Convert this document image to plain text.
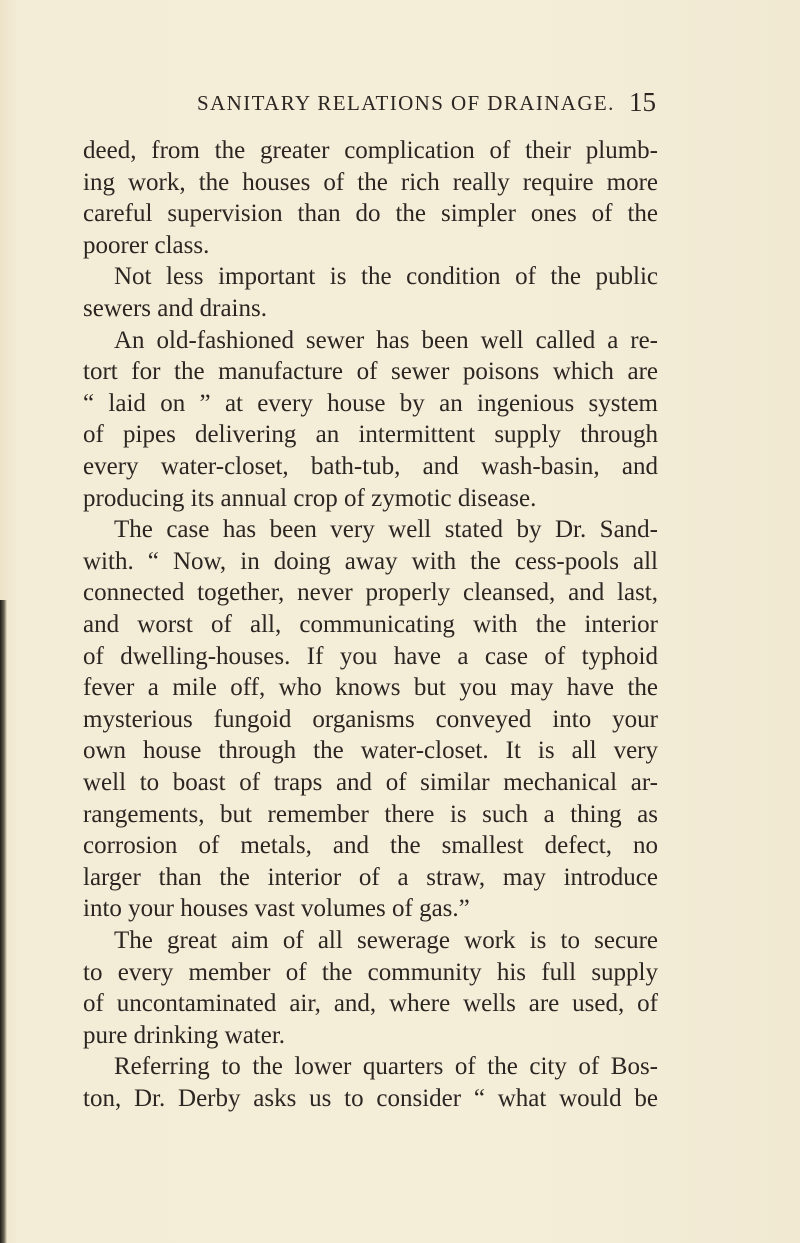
SANITARY RELATIONS OF DRAINAGE. 15
deed, from the greater complication of their plumb-
ing work, the houses of the rich really require more
careful supervision than do the simpler ones of the
poorer class.
Not less important is the condition of the public
sewers and drains.
An old-fashioned sewer has been well called a re-
tort for the manufacture of sewer poisons which are
“ laid on ” at every house by an ingenious system
of pipes delivering an intermittent supply through
every water-closet, bath-tub, and wash-basin, and
producing its annual crop of zymotic disease.
The case has been very well stated by Dr. Sand-
with. “ Now, in doing away with the cess-pools all
connected together, never properly cleansed, and last,
and worst of all, communicating with the interior
of dwelling-houses. If you have a case of typhoid
fever a mile off, who knows but you may have the
mysterious fungoid organisms conveyed into your
own house through the water-closet. It is all very
well to boast of traps and of similar mechanical ar-
rangements, but remember there is such a thing as
corrosion of metals, and the smallest defect, no
larger than the interior of a straw, may introduce
into your houses vast volumes of gas.”
The great aim of all sewerage work is to secure
to every member of the community his full supply
of uncontaminated air, and, where wells are used, of
pure drinking water.
Referring to the lower quarters of the city of Bos-
ton, Dr. Derby asks us to consider “ what would be
